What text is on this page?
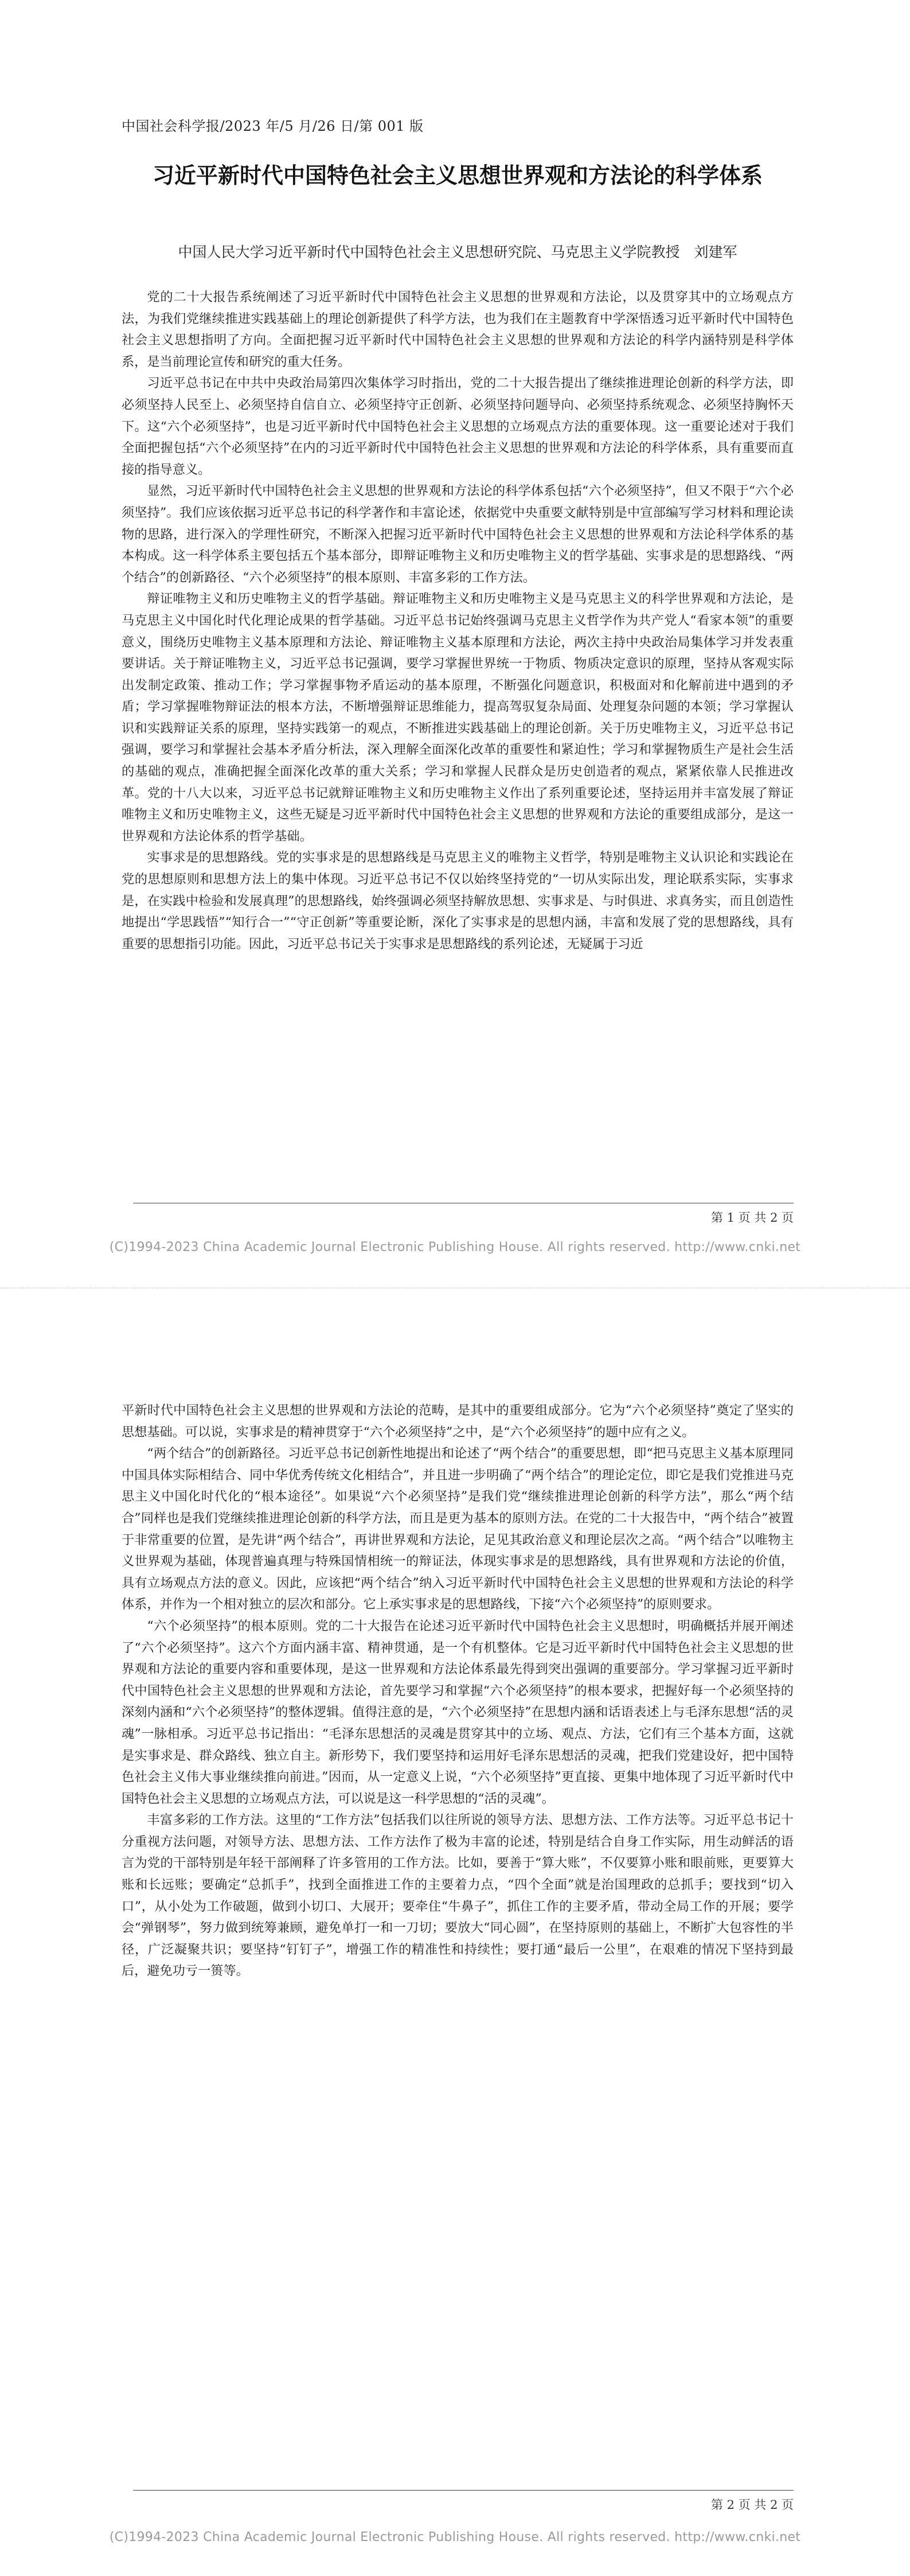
中国社会科学报/2023 年/5 月/26 日/第 001 版
习近平新时代中国特色社会主义思想世界观和方法论的科学体系
中国人民大学习近平新时代中国特色社会主义思想研究院、马克思主义学院教授　刘建军

党的二十大报告系统阐述了习近平新时代中国特色社会主义思想的世界观和方法论，以及贯穿其中的立场观点方法，为我们党继续推进实践基础上的理论创新提供了科学方法，也为我们在主题教育中学深悟透习近平新时代中国特色社会主义思想指明了方向。全面把握习近平新时代中国特色社会主义思想的世界观和方法论的科学内涵特别是科学体系，是当前理论宣传和研究的重大任务。

习近平总书记在中共中央政治局第四次集体学习时指出，党的二十大报告提出了继续推进理论创新的科学方法，即必须坚持人民至上、必须坚持自信自立、必须坚持守正创新、必须坚持问题导向、必须坚持系统观念、必须坚持胸怀天下。这“六个必须坚持”，也是习近平新时代中国特色社会主义思想的立场观点方法的重要体现。这一重要论述对于我们全面把握包括“六个必须坚持”在内的习近平新时代中国特色社会主义思想的世界观和方法论的科学体系，具有重要而直接的指导意义。

显然，习近平新时代中国特色社会主义思想的世界观和方法论的科学体系包括“六个必须坚持”，但又不限于“六个必须坚持”。我们应该依据习近平总书记的科学著作和丰富论述，依据党中央重要文献特别是中宣部编写学习材料和理论读物的思路，进行深入的学理性研究，不断深入把握习近平新时代中国特色社会主义思想的世界观和方法论科学体系的基本构成。这一科学体系主要包括五个基本部分，即辩证唯物主义和历史唯物主义的哲学基础、实事求是的思想路线、“两个结合”的创新路径、“六个必须坚持”的根本原则、丰富多彩的工作方法。

辩证唯物主义和历史唯物主义的哲学基础。辩证唯物主义和历史唯物主义是马克思主义的科学世界观和方法论，是马克思主义中国化时代化理论成果的哲学基础。习近平总书记始终强调马克思主义哲学作为共产党人“看家本领”的重要意义，围绕历史唯物主义基本原理和方法论、辩证唯物主义基本原理和方法论，两次主持中央政治局集体学习并发表重要讲话。关于辩证唯物主义，习近平总书记强调，要学习掌握世界统一于物质、物质决定意识的原理，坚持从客观实际出发制定政策、推动工作；学习掌握事物矛盾运动的基本原理，不断强化问题意识，积极面对和化解前进中遇到的矛盾；学习掌握唯物辩证法的根本方法，不断增强辩证思维能力，提高驾驭复杂局面、处理复杂问题的本领；学习掌握认识和实践辩证关系的原理，坚持实践第一的观点，不断推进实践基础上的理论创新。关于历史唯物主义，习近平总书记强调，要学习和掌握社会基本矛盾分析法，深入理解全面深化改革的重要性和紧迫性；学习和掌握物质生产是社会生活的基础的观点，准确把握全面深化改革的重大关系；学习和掌握人民群众是历史创造者的观点，紧紧依靠人民推进改革。党的十八大以来，习近平总书记就辩证唯物主义和历史唯物主义作出了系列重要论述，坚持运用并丰富发展了辩证唯物主义和历史唯物主义，这些无疑是习近平新时代中国特色社会主义思想的世界观和方法论的重要组成部分，是这一世界观和方法论体系的哲学基础。

实事求是的思想路线。党的实事求是的思想路线是马克思主义的唯物主义哲学，特别是唯物主义认识论和实践论在党的思想原则和思想方法上的集中体现。习近平总书记不仅以始终坚持党的“一切从实际出发，理论联系实际，实事求是，在实践中检验和发展真理”的思想路线，始终强调必须坚持解放思想、实事求是、与时俱进、求真务实，而且创造性地提出“学思践悟”“知行合一”“守正创新”等重要论断，深化了实事求是的思想内涵，丰富和发展了党的思想路线，具有重要的思想指引功能。因此，习近平总书记关于实事求是思想路线的系列论述，无疑属于习近

第 1 页 共 2 页
(C)1994-2023 China Academic Journal Electronic Publishing House. All rights reserved. http://www.cnki.net

平新时代中国特色社会主义思想的世界观和方法论的范畴，是其中的重要组成部分。它为“六个必须坚持”奠定了坚实的思想基础。可以说，实事求是的精神贯穿于“六个必须坚持”之中，是“六个必须坚持”的题中应有之义。

“两个结合”的创新路径。习近平总书记创新性地提出和论述了“两个结合”的重要思想，即“把马克思主义基本原理同中国具体实际相结合、同中华优秀传统文化相结合”，并且进一步明确了“两个结合”的理论定位，即它是我们党推进马克思主义中国化时代化的“根本途径”。如果说“六个必须坚持”是我们党“继续推进理论创新的科学方法”，那么“两个结合”同样也是我们党继续推进理论创新的科学方法，而且是更为基本的原则方法。在党的二十大报告中，“两个结合”被置于非常重要的位置，是先讲“两个结合”，再讲世界观和方法论，足见其政治意义和理论层次之高。“两个结合”以唯物主义世界观为基础，体现普遍真理与特殊国情相统一的辩证法，体现实事求是的思想路线，具有世界观和方法论的价值，具有立场观点方法的意义。因此，应该把“两个结合”纳入习近平新时代中国特色社会主义思想的世界观和方法论的科学体系，并作为一个相对独立的层次和部分。它上承实事求是的思想路线，下接“六个必须坚持”的原则要求。

“六个必须坚持”的根本原则。党的二十大报告在论述习近平新时代中国特色社会主义思想时，明确概括并展开阐述了“六个必须坚持”。这六个方面内涵丰富、精神贯通，是一个有机整体。它是习近平新时代中国特色社会主义思想的世界观和方法论的重要内容和重要体现，是这一世界观和方法论体系最先得到突出强调的重要部分。学习掌握习近平新时代中国特色社会主义思想的世界观和方法论，首先要学习和掌握“六个必须坚持”的根本要求，把握好每一个必须坚持的深刻内涵和“六个必须坚持”的整体逻辑。值得注意的是，“六个必须坚持”在思想内涵和话语表述上与毛泽东思想“活的灵魂”一脉相承。习近平总书记指出：“毛泽东思想活的灵魂是贯穿其中的立场、观点、方法，它们有三个基本方面，这就是实事求是、群众路线、独立自主。新形势下，我们要坚持和运用好毛泽东思想活的灵魂，把我们党建设好，把中国特色社会主义伟大事业继续推向前进。”因而，从一定意义上说，“六个必须坚持”更直接、更集中地体现了习近平新时代中国特色社会主义思想的立场观点方法，可以说是这一科学思想的“活的灵魂”。

丰富多彩的工作方法。这里的“工作方法”包括我们以往所说的领导方法、思想方法、工作方法等。习近平总书记十分重视方法问题，对领导方法、思想方法、工作方法作了极为丰富的论述，特别是结合自身工作实际，用生动鲜活的语言为党的干部特别是年轻干部阐释了许多管用的工作方法。比如，要善于“算大账”，不仅要算小账和眼前账，更要算大账和长远账；要确定“总抓手”，找到全面推进工作的主要着力点，“四个全面”就是治国理政的总抓手；要找到“切入口”，从小处为工作破题，做到小切口、大展开；要牵住“牛鼻子”，抓住工作的主要矛盾，带动全局工作的开展；要学会“弹钢琴”，努力做到统筹兼顾，避免单打一和一刀切；要放大“同心圆”，在坚持原则的基础上，不断扩大包容性的半径，广泛凝聚共识；要坚持“钉钉子”，增强工作的精准性和持续性；要打通“最后一公里”，在艰难的情况下坚持到最后，避免功亏一篑等。

第 2 页 共 2 页
(C)1994-2023 China Academic Journal Electronic Publishing House. All rights reserved. http://www.cnki.net
